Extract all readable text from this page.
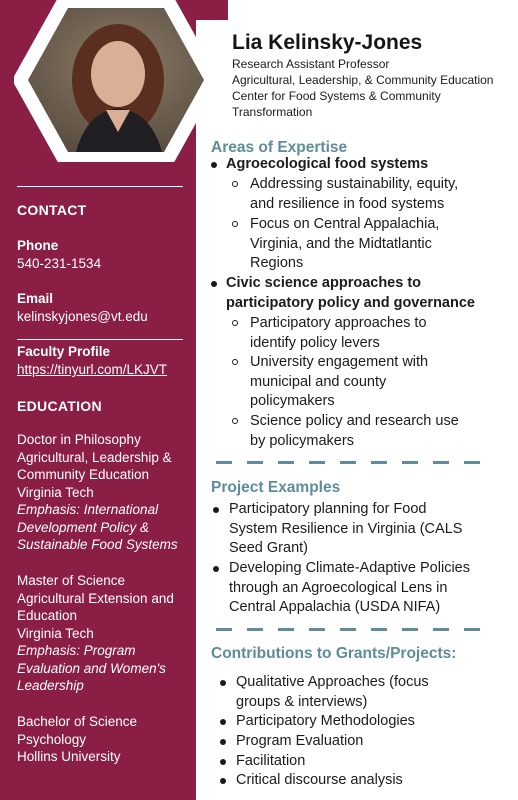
CONTACT
Phone
540-231-1534
Email
kelinskyjones@vt.edu
Faculty Profile
https://tinyurl.com/LKJVT
EDUCATION
Doctor in Philosophy
Agricultural, Leadership &
Community Education
Virginia Tech
Emphasis: International
Development Policy &
Sustainable Food Systems
Master of Science
Agricultural Extension and
Education
Virginia Tech
Emphasis: Program
Evaluation and Women's
Leadership
Bachelor of Science
Psychology
Hollins University
Lia Kelinsky-Jones
Research Assistant Professor
Agricultural, Leadership, & Community Education
Center for Food Systems & Community
Transformation
Areas of Expertise
Agroecological food systems
Addressing sustainability, equity,
and resilience in food systems
Focus on Central Appalachia,
Virginia, and the Midtatlantic
Regions
Civic science approaches to
participatory policy and governance
Participatory approaches to
identify policy levers
University engagement with
municipal and county
policymakers
Science policy and research use
by policymakers
Project Examples
Participatory planning for Food
System Resilience in Virginia (CALS
Seed Grant)
Developing Climate-Adaptive Policies
through an Agroecological Lens in
Central Appalachia (USDA NIFA)
Contributions to Grants/Projects:
Qualitative Approaches (focus
groups & interviews)
Participatory Methodologies
Program Evaluation
Facilitation
Critical discourse analysis
